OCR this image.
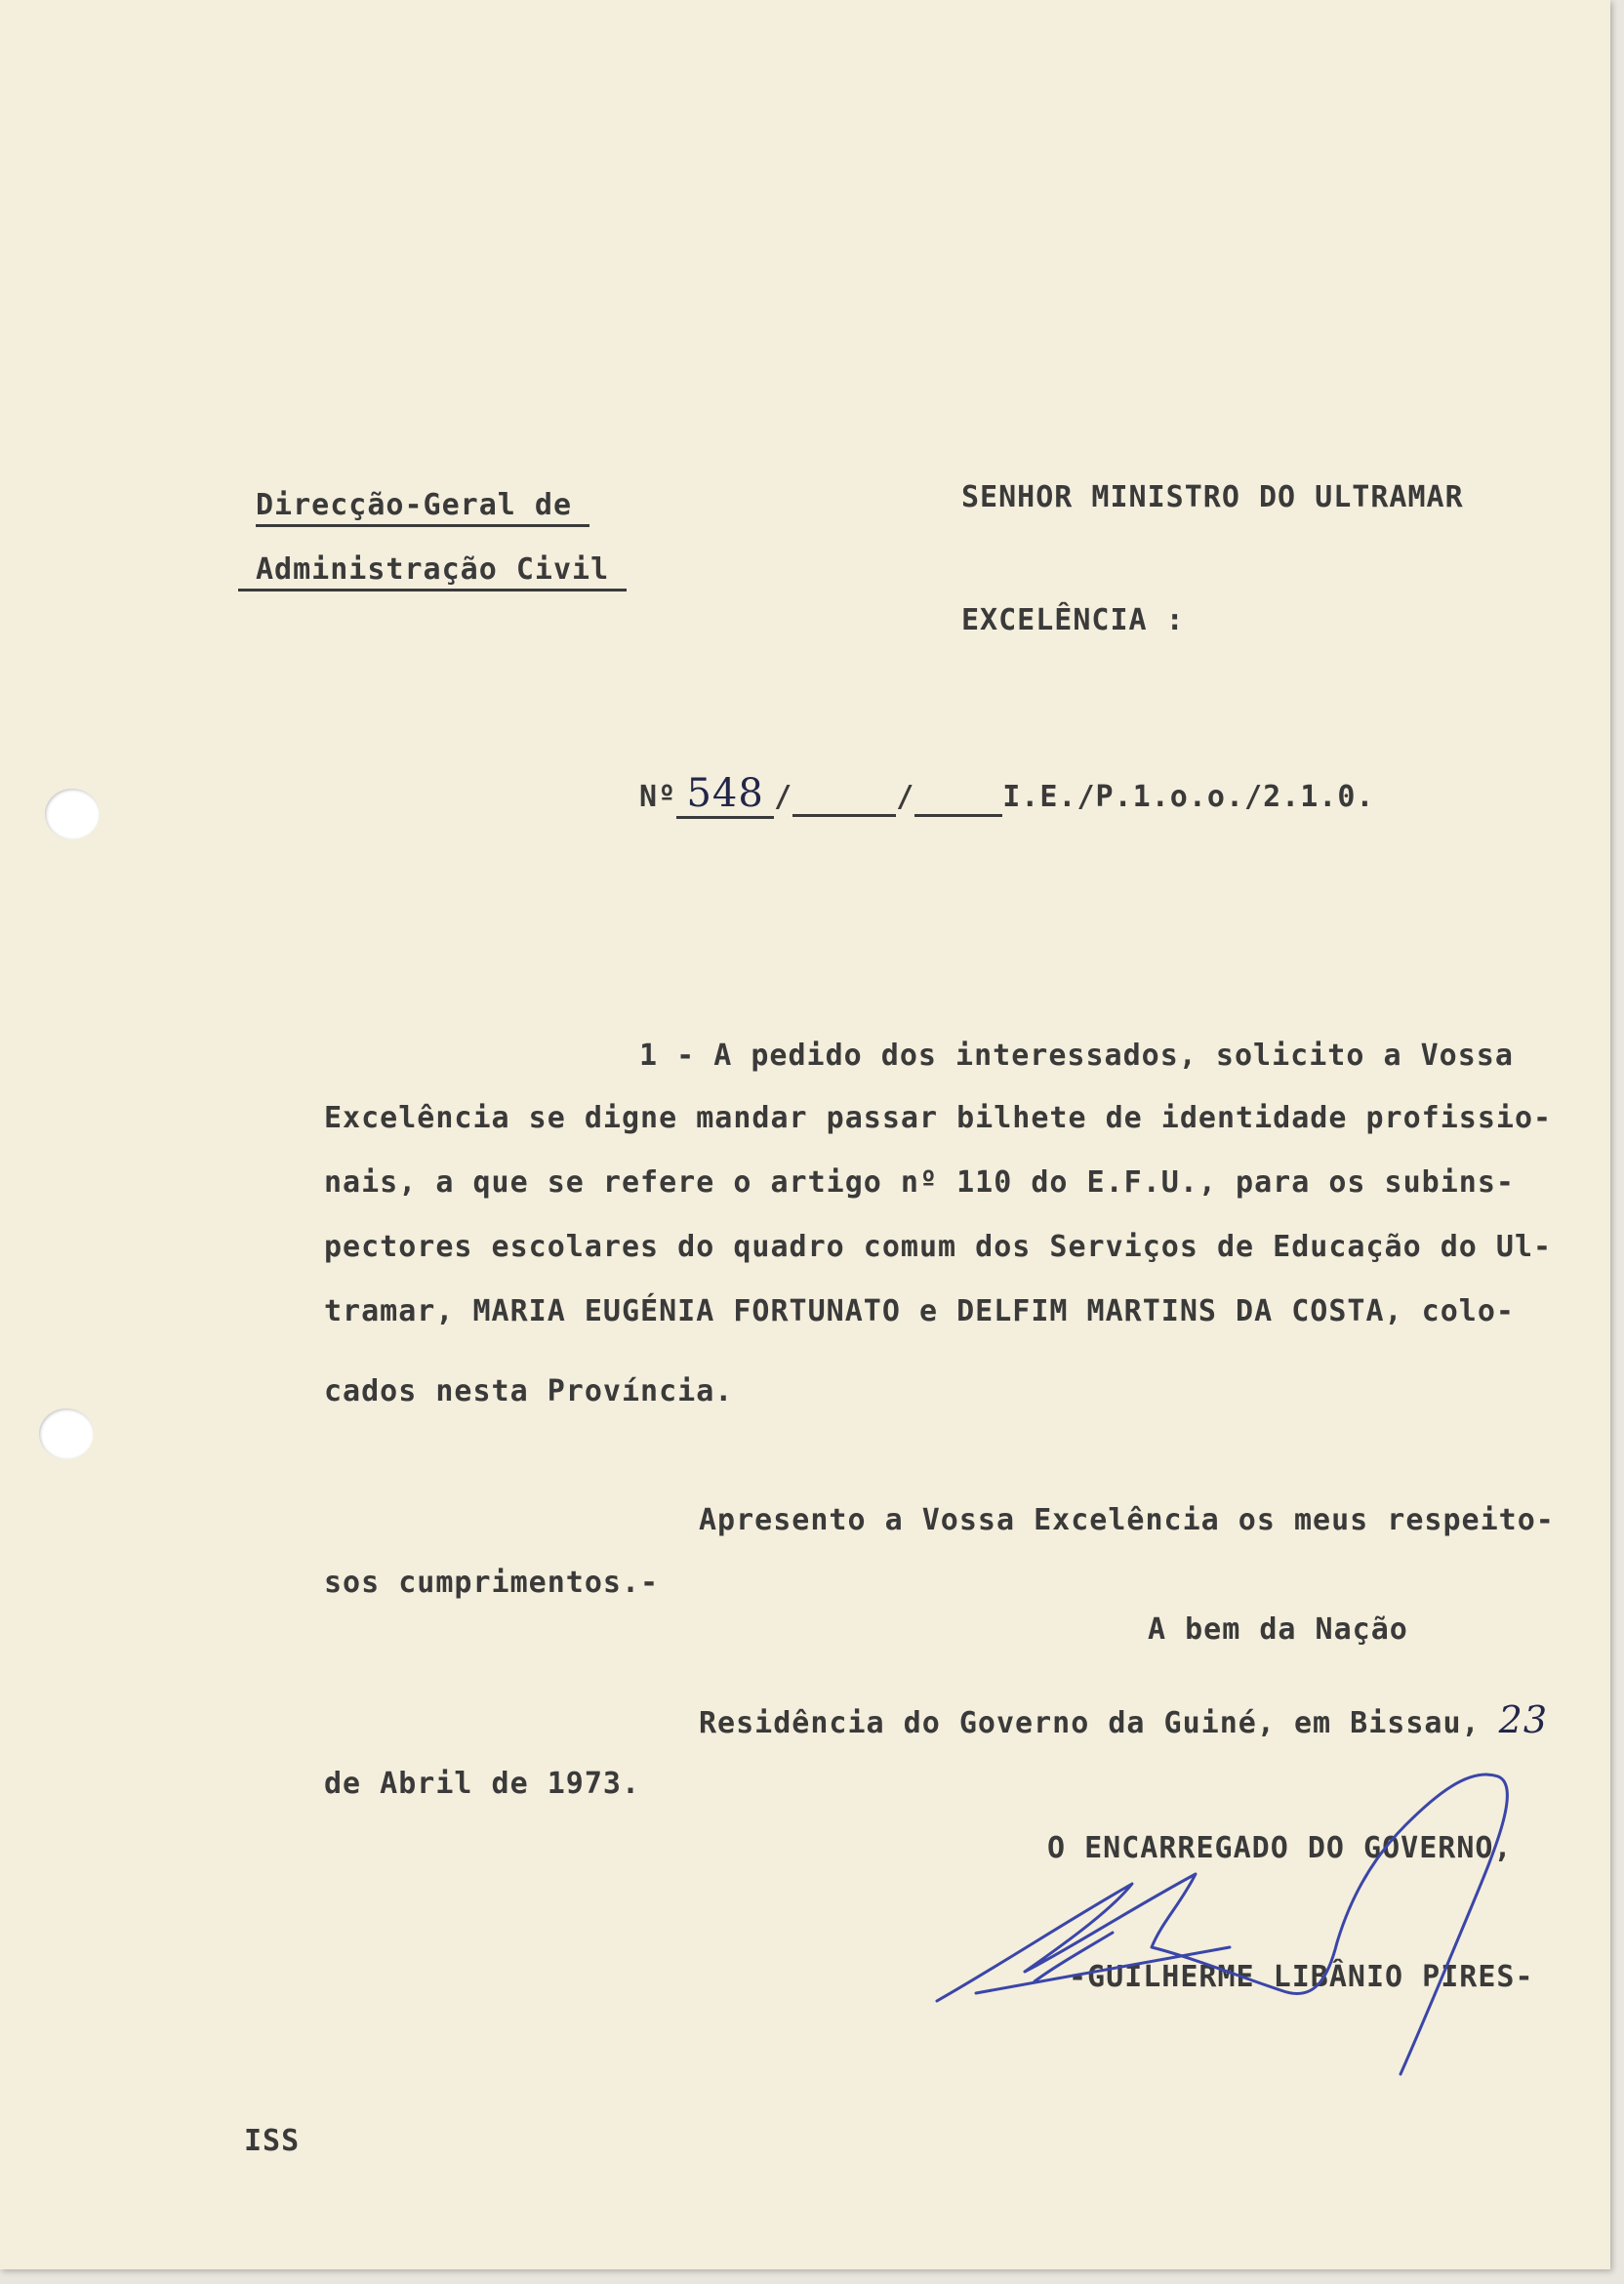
Direcção-Geral de
Administração Civil
SENHOR MINISTRO DO ULTRAMAR
EXCELÊNCIA :
Nº 548 /	/	I.E./P.1.o.o./2.1.0.
1 - A pedido dos interessados, solicito a Vossa
Excelência se digne mandar passar bilhete de identidade profissio-
nais, a que se refere o artigo nº 110 do E.F.U., para os subins-
pectores escolares do quadro comum dos Serviços de Educação do Ul-
tramar, MARIA EUGÉNIA FORTUNATO e DELFIM MARTINS DA COSTA, colo-
cados nesta Província.
Apresento a Vossa Excelência os meus respeito-
sos cumprimentos.-
A bem da Nação
Residência do Governo da Guiné, em Bissau, 23
de Abril de 1973.
O ENCARREGADO DO GOVERNO,
-GUILHERME LIBÂNIO PIRES-
ISS
